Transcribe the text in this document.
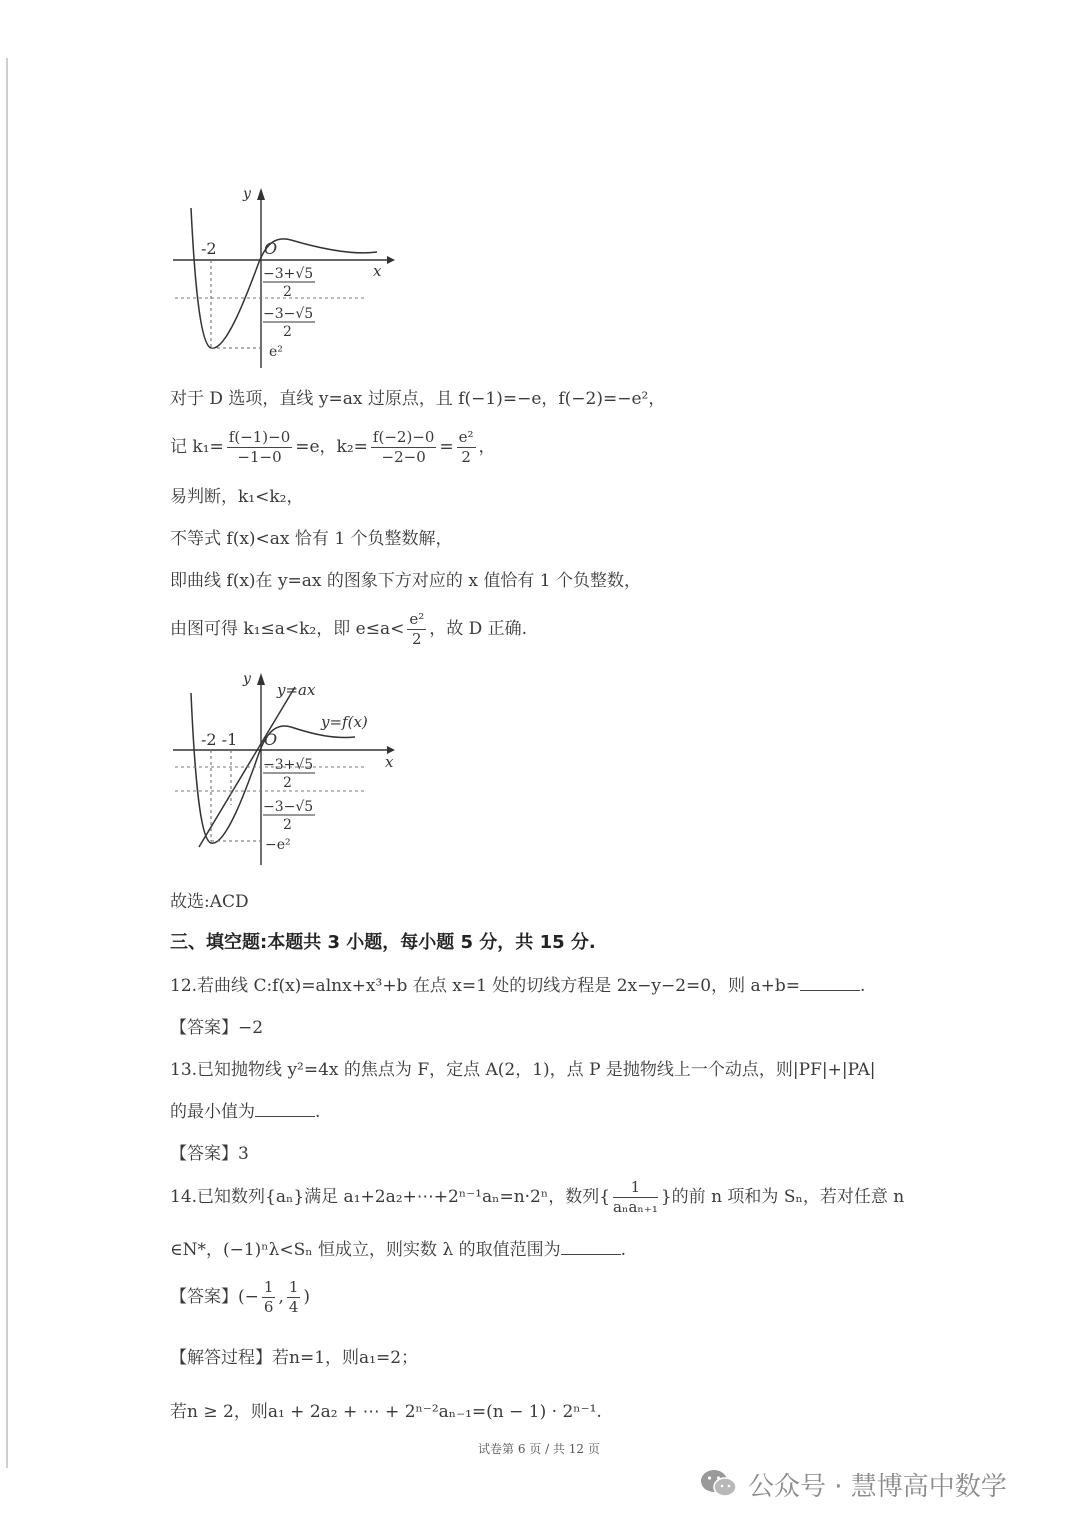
y
x
O
-2
−3+√5
2
−3−√5
2
e²
对于 D 选项，直线 y=ax 过原点，且 f(−1)=−e，f(−2)=−e²，
记 $k_1= \frac{f(-1)-0}{-1-0} =e$，$k_2= \frac{f(-2)-0}{-2-0} = \frac{\text{e²}}{2}$ ，
易判断，k₁<k₂，
不等式 f(x)<ax 恰有 1 个负整数解，
即曲线 f(x)在 y=ax 的图象下方对应的 x 值恰有 1 个负整数，
由图可得 k₁≤a<k₂，即 $e\le a< \frac{\text{e²}}{2}$ ，故 D 正确.
y
x
O
-2 -1
y=ax
y=f(x)
−3+√5
2
−3−√5
2
−e²
故选:ACD
三、填空题:本题共 3 小题，每小题 5 分，共 15 分.
12.若曲线 C:f(x)=alnx+x³+b 在点 x=1 处的切线方程是 2x−y−2=0，则 a+b=	.
【答案】−2
13.已知抛物线 y²=4x 的焦点为 F，定点 A(2，1)，点 P 是抛物线上一个动点，则|PF|+|PA|
的最小值为	.
【答案】3
14.已知数列{aₙ}满足 a₁+2a₂+⋯+2ⁿ⁻¹aₙ=n·2ⁿ，数列{ $\frac{1}{\text{aₙaₙ₊₁}}$ }的前 n 项和为 Sₙ，若对任意 n
∈N*，(−1)ⁿλ<Sₙ 恒成立，则实数 λ 的取值范围为	.
【答案】(− $\frac{1}{6}$ , $\frac{1}{4}$ )
【解答过程】若n=1，则a₁=2；
若n ≥ 2，则a₁ + 2a₂ + ⋯ + 2ⁿ⁻²aₙ₋₁=(n − 1) · 2ⁿ⁻¹.
试卷第 6 页 / 共 12 页
公众号 · 慧博高中数学
